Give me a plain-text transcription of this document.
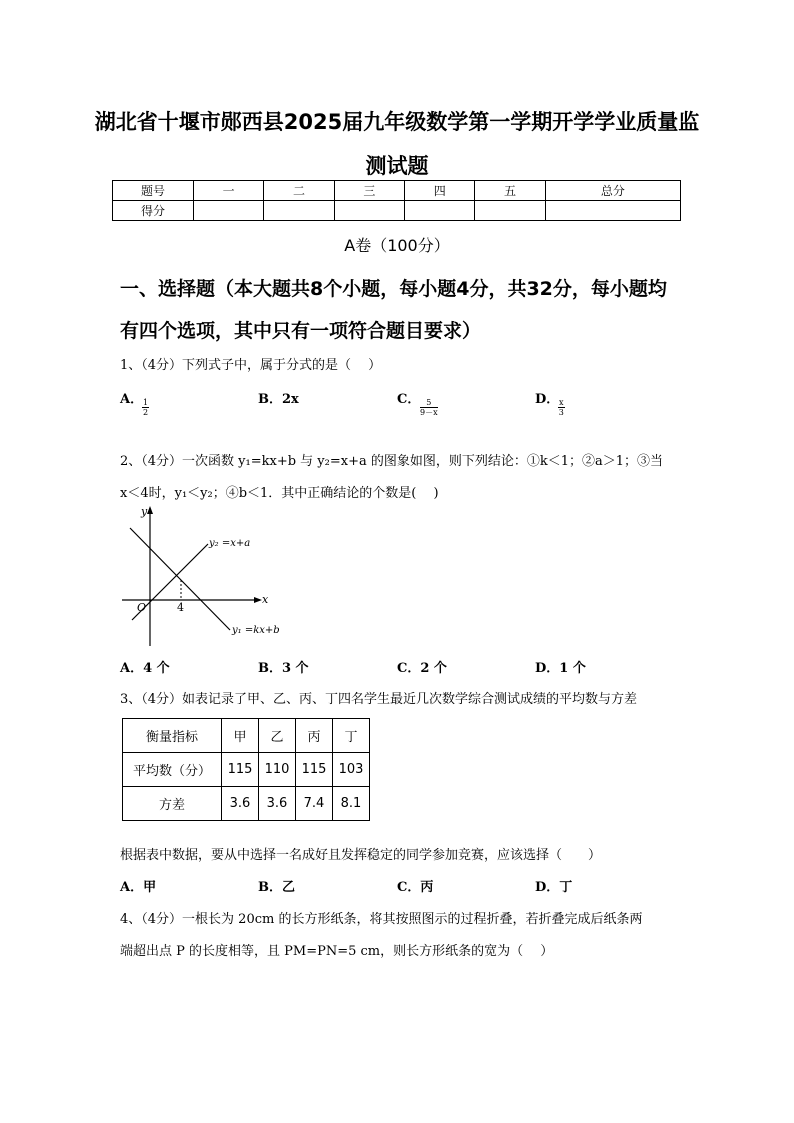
湖北省十堰市郧西县2025届九年级数学第一学期开学学业质量监
测试题
题号	一	二	三	四	五	总分
得分						
A卷（100分）
一、选择题（本大题共8个小题，每小题4分，共32分，每小题均
有四个选项，其中只有一项符合题目要求）
1、（4分）下列式子中，属于分式的是（　 ）
A．
$\frac{1}{2}$	B．2x	C． $\frac{5}{9-x}$	D．
$\frac{x}{3}$
2、（4分）一次函数 y₁=kx+b 与 y₂=x+a 的图象如图，则下列结论：①k＜1；②a＞1；③当
x＜4时，y₁＜y₂；④b＜1．其中正确结论的个数是(　 )
y
x
O	4
y₂ =x+a
y₁ =kx+b
A．4 个	B．3 个	C．2 个	D．1 个
3、（4分）如表记录了甲、乙、丙、丁四名学生最近几次数学综合测试成绩的平均数与方差
衡量指标	甲	乙	丙	丁
平均数（分）	115	110	115	103
方差	3.6	3.6	7.4	8.1
根据表中数据，要从中选择一名成好且发挥稳定的同学参加竞赛，应该选择（　　）
A．甲	B．乙	C．丙	D．丁
4、（4分）一根长为 20cm 的长方形纸条，将其按照图示的过程折叠，若折叠完成后纸条两
端超出点 P 的长度相等，且 PM=PN=5 cm，则长方形纸条的宽为（　 ）
